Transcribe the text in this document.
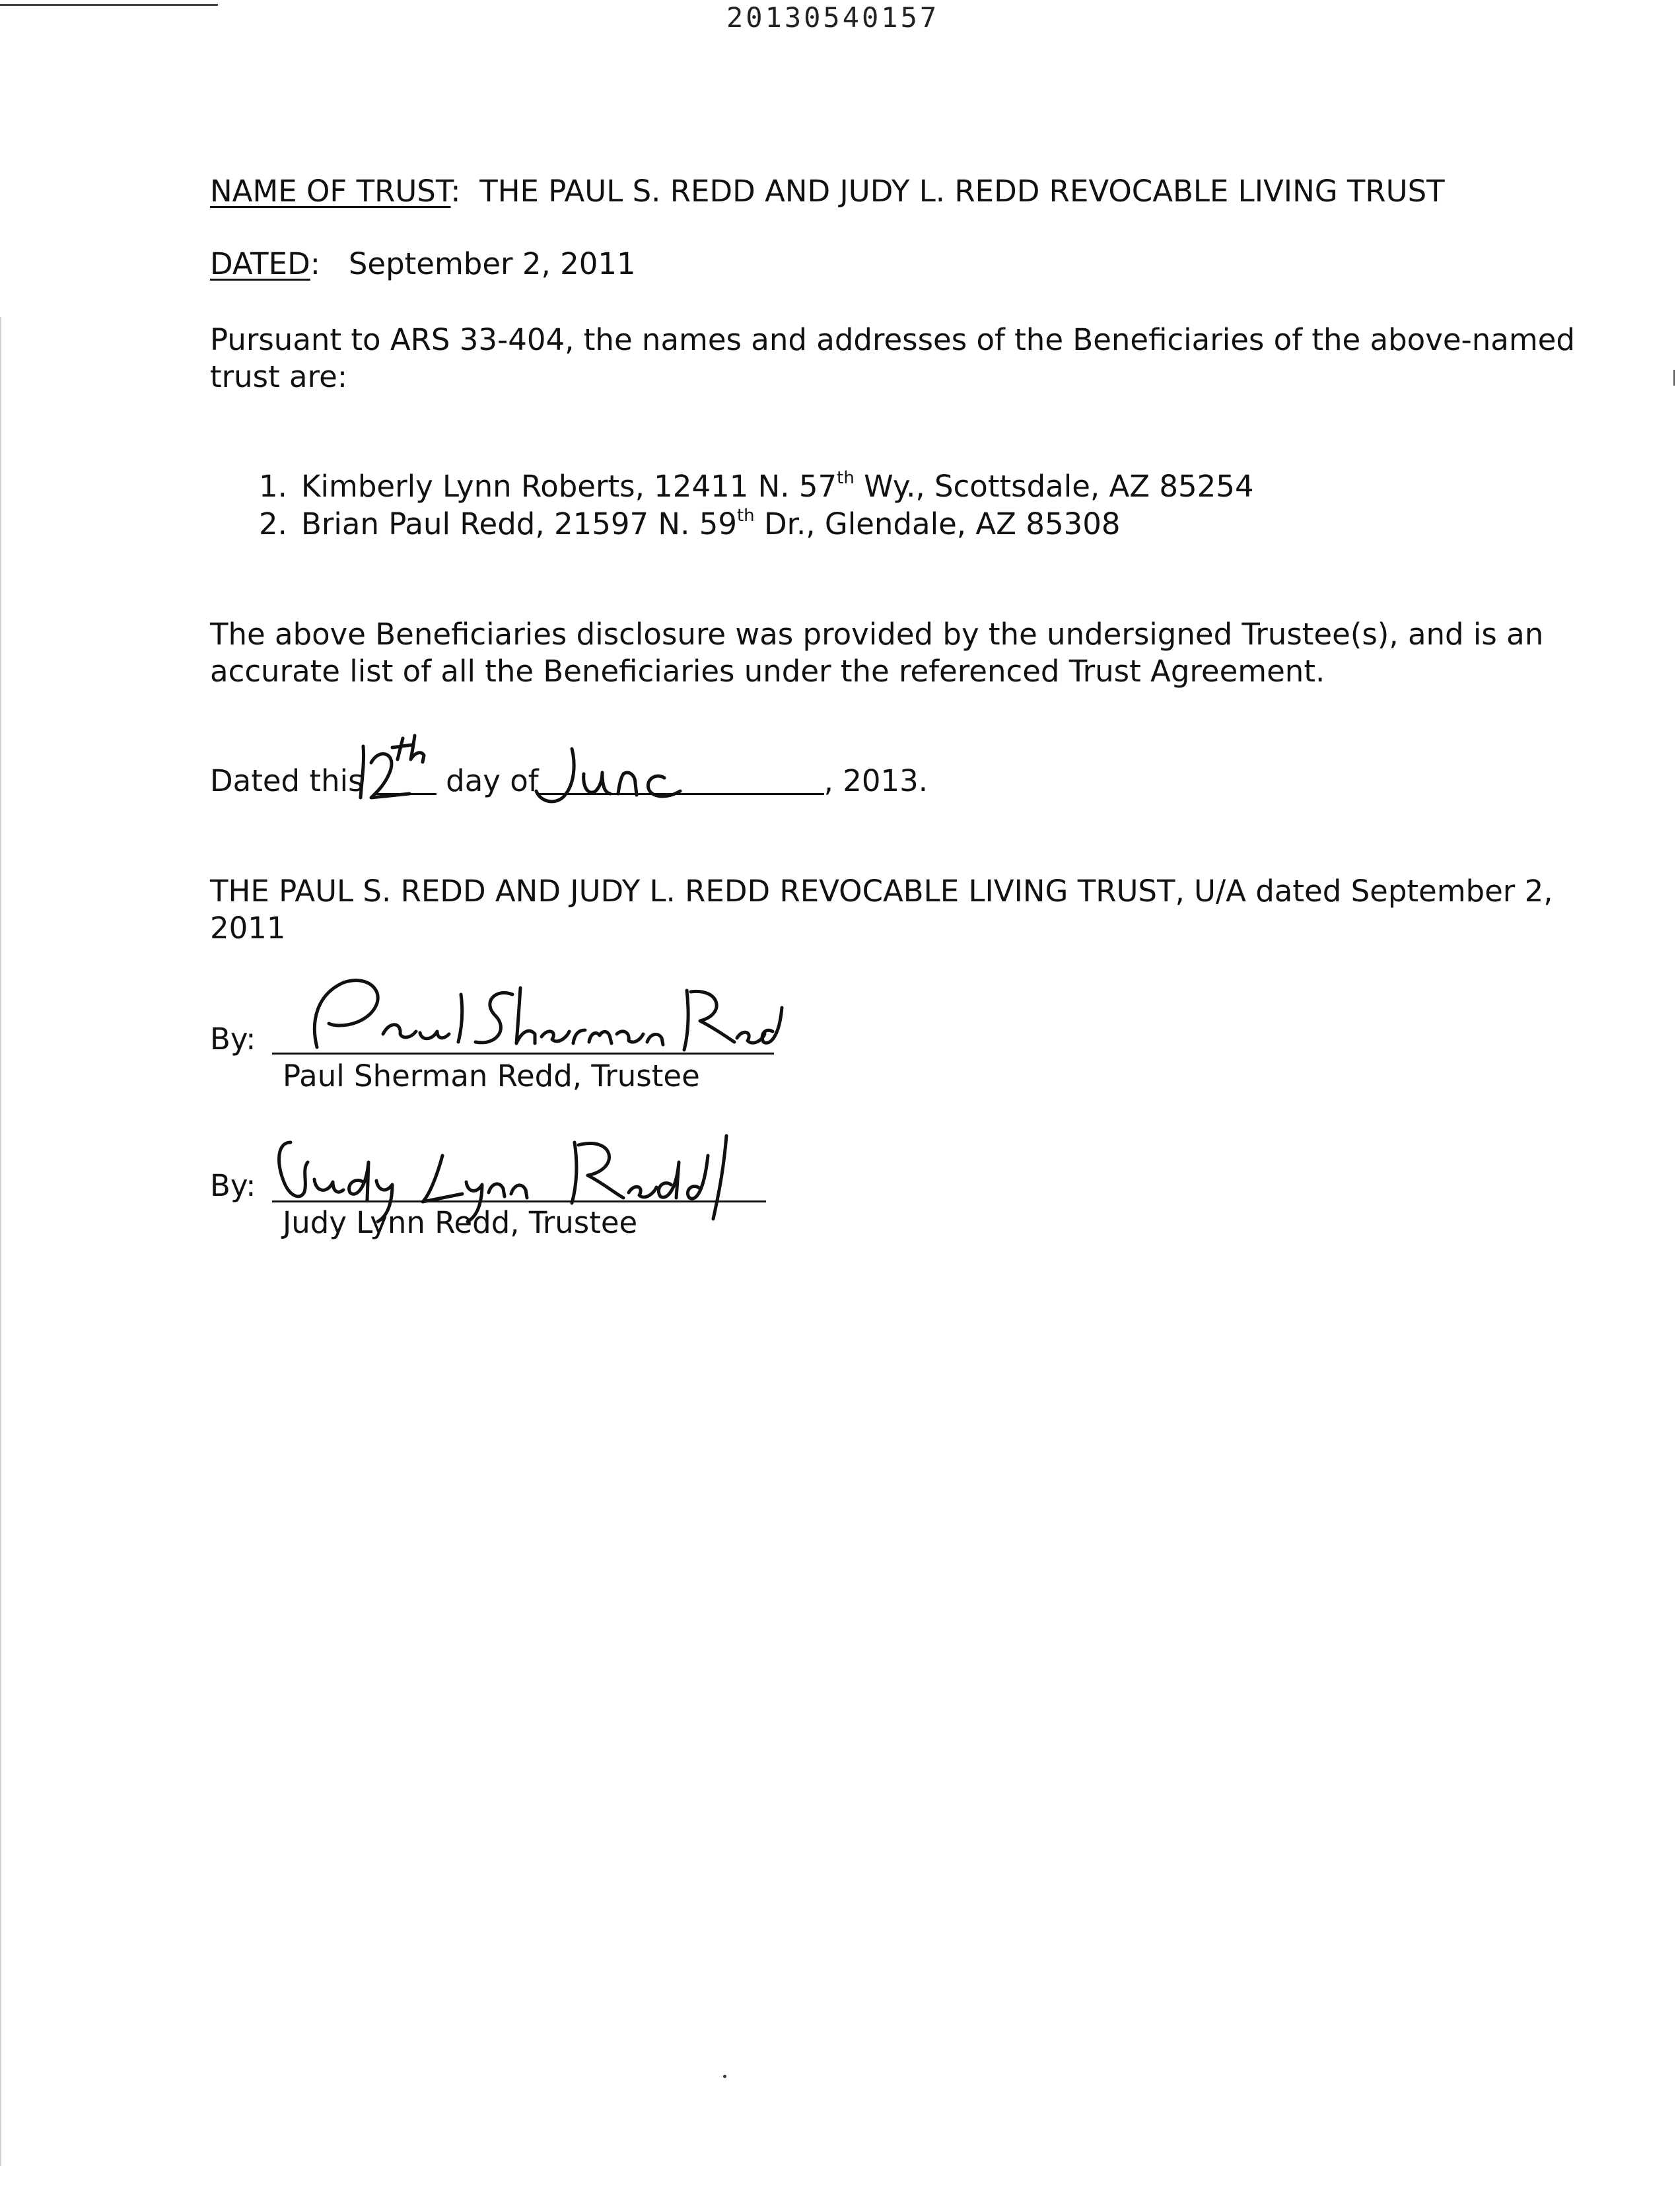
20130540157
NAME OF TRUST: THE PAUL S. REDD AND JUDY L. REDD REVOCABLE LIVING TRUST
DATED: September 2, 2011
Pursuant to ARS 33-404, the names and addresses of the Beneficiaries of the above-named
trust are:
1. Kimberly Lynn Roberts, 12411 N. 57th Wy., Scottsdale, AZ 85254
2. Brian Paul Redd, 21597 N. 59th Dr., Glendale, AZ 85308
The above Beneficiaries disclosure was provided by the undersigned Trustee(s), and is an
accurate list of all the Beneficiaries under the referenced Trust Agreement.
Dated this	day of	, 2013.
THE PAUL S. REDD AND JUDY L. REDD REVOCABLE LIVING TRUST, U/A dated September 2,
2011
By:
Paul Sherman Redd, Trustee
By:
Judy Lynn Redd, Trustee
